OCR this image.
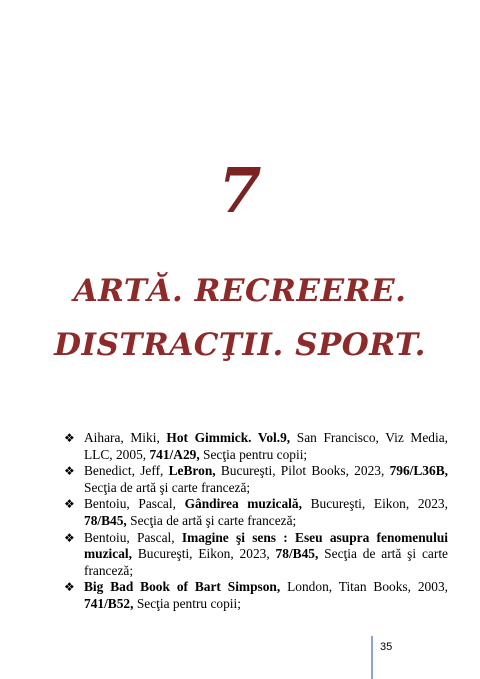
7
ARTĂ. RECREERE.
DISTRACŢII. SPORT.
❖ Aihara, Miki, Hot Gimmick. Vol.9, San Francisco, Viz Media, LLC, 2005, 741/A29, Secţia pentru copii;
❖ Benedict, Jeff, LeBron, Bucureşti, Pilot Books, 2023, 796/L36B, Secţia de artă şi carte franceză;
❖ Bentoiu, Pascal, Gândirea muzicală, Bucureşti, Eikon, 2023, 78/B45, Secţia de artă şi carte franceză;
❖ Bentoiu, Pascal, Imagine şi sens : Eseu asupra fenomenului muzical, Bucureşti, Eikon, 2023, 78/B45, Secţia de artă şi carte franceză;
❖ Big Bad Book of Bart Simpson, London, Titan Books, 2003, 741/B52, Secţia pentru copii;
35
